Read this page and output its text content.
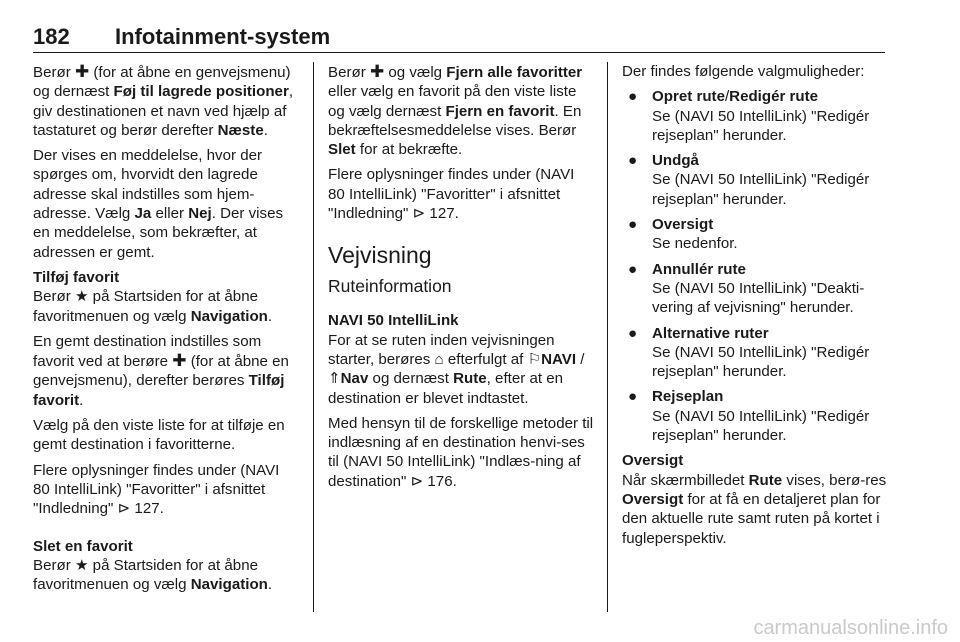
182 Infotainment-system

Berør ✚ (for at åbne en genvejsmenu) og dernæst Føj til lagrede positioner, giv destinationen et navn ved hjælp af tastaturet og berør derefter Næste.

Der vises en meddelelse, hvor der spørges om, hvorvidt den lagrede adresse skal indstilles som hjem-adresse. Vælg Ja eller Nej. Der vises en meddelelse, som bekræfter, at adressen er gemt.

Tilføj favorit

Berør ★ på Startsiden for at åbne favoritmenuen og vælg Navigation.

En gemt destination indstilles som favorit ved at berøre ✚ (for at åbne en genvejsmenu), derefter berøres Tilføj favorit.

Vælg på den viste liste for at tilføje en gemt destination i favoritterne.

Flere oplysninger findes under (NAVI 80 IntelliLink) "Favoritter" i afsnittet "Indledning" ⊳ 127.

Slet en favorit

Berør ★ på Startsiden for at åbne favoritmenuen og vælg Navigation.

Berør ✚ og vælg Fjern alle favoritter eller vælg en favorit på den viste liste og vælg dernæst Fjern en favorit. En bekræftelsesmeddelelse vises. Berør Slet for at bekræfte.

Flere oplysninger findes under (NAVI 80 IntelliLink) "Favoritter" i afsnittet "Indledning" ⊳ 127.

Vejvisning
Ruteinformation
NAVI 50 IntelliLink

For at se ruten inden vejvisningen starter, berøres ⌂ efterfulgt af ⚐NAVI / ⇑Nav og dernæst Rute, efter at en destination er blevet indtastet.

Med hensyn til de forskellige metoder til indlæsning af en destination henvi-ses til (NAVI 50 IntelliLink) "Indlæs-ning af destination" ⊳ 176.

Der findes følgende valgmuligheder:

● Opret rute/Redigér rute
Se (NAVI 50 IntelliLink) "Redigér rejseplan" herunder.
● Undgå
Se (NAVI 50 IntelliLink) "Redigér rejseplan" herunder.
● Oversigt
Se nedenfor.
● Annullér rute
Se (NAVI 50 IntelliLink) "Deakti-vering af vejvisning" herunder.
● Alternative ruter
Se (NAVI 50 IntelliLink) "Redigér rejseplan" herunder.
● Rejseplan
Se (NAVI 50 IntelliLink) "Redigér rejseplan" herunder.
Oversigt

Når skærmbilledet Rute vises, berø-res Oversigt for at få en detaljeret plan for den aktuelle rute samt ruten på kortet i fugleperspektiv.

carmanualsonline.info
